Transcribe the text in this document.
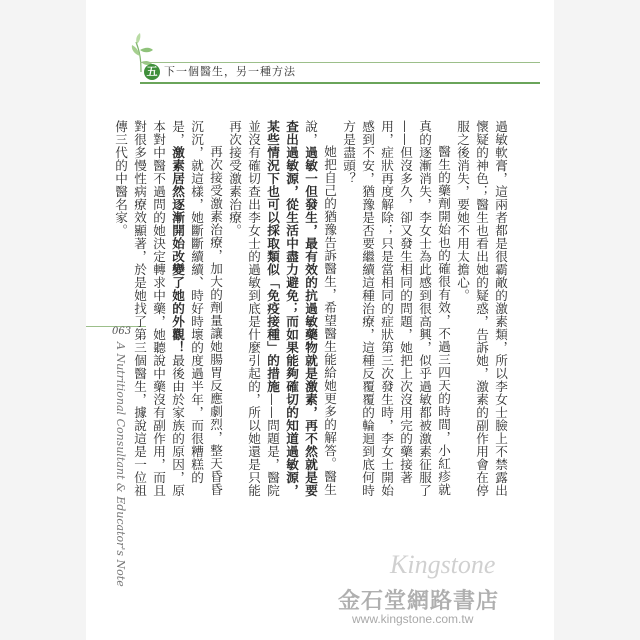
五 下一個醫生，另一種方法
063
A Nutritional Consultant & Educator's Note	過敏軟膏，這兩者都是很霸敵的激素類，所以李女士臉上不禁露出懷疑的神色；醫生也看出她的疑惑，告訴她，激素的副作用會在停服之後消失，要她不用太擔心。

醫生的藥劑開始也的確很有效，不過三四天的時間，小紅疹就真的逐漸消失，李女士為此感到很高興，似乎過敏都被激素征服了——但沒多久，卻又發生相同的問題，她把上次沒用完的藥接著用，症狀再度解除；只是當相同的症狀第三次發生時，李女士開始感到不安，猶豫是否要繼續這種治療，這種反覆覆的輪迴到底何時方是盡頭？

她把自己的猶豫告訴醫生，希望醫生能給她更多的解答。醫生說，過敏一但發生，最有效的抗過敏藥物就是激素，再不然就是要查出過敏源，從生活中盡力避免；而如果能夠確切的知道過敏源，某些情況下也可以採取類似「免疫接種」的措施——問題是，醫院並沒有確切查出李女士的過敏到底是什麼引起的，所以她還是只能再次接受激素治療。

再次接受激素治療，加大的劑量讓她腸胃反應劇烈，整天昏昏沉沉，就這樣，她斷斷續續、時好時壞的度過半年，而很糟糕的是，激素居然逐漸開始改變了她的外觀！最後由於家族的原因，原本對中醫不過問的她決定轉求中藥，她聽說中藥沒有副作用，而且對很多慢性病療效顯著，於是她找了第三個醫生，據說這是一位祖傳三代的中醫名家。

Kingstone
金石堂網路書店
www.kingstone.com.tw
